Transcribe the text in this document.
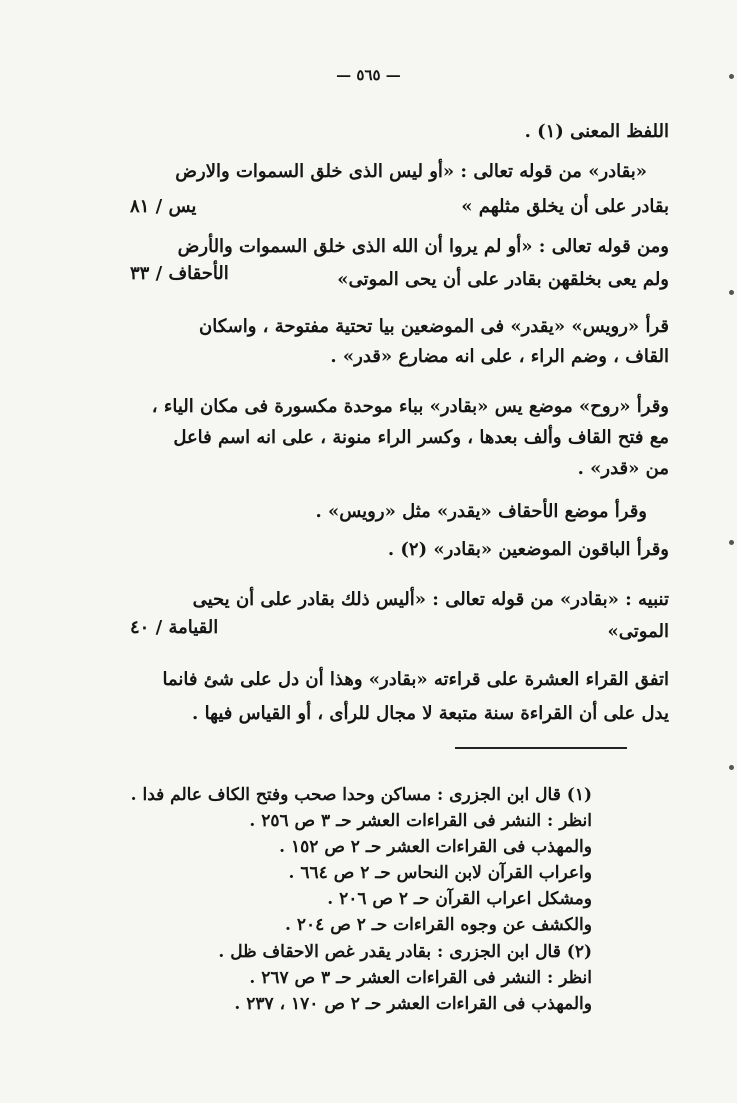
— ٥٦٥ —
اللفظ المعنى (١) .
«بقادر» من قوله تعالى : «أو ليس الذى خلق السموات والارض
بقادر على أن يخلق مثلهم »
يس / ٨١
ومن قوله تعالى : «أو لم يروا أن الله الذى خلق السموات والأرض
ولم يعى بخلقهن بقادر على أن يحى الموتى»
الأحقاف / ٣٣
قرأ «رويس» «يقدر» فى الموضعين بيا تحتية مفتوحة ، واسكان
القاف ، وضم الراء ، على انه مضارع «قدر» .
وقرأ «روح» موضع يس «بقادر» بباء موحدة مكسورة فى مكان الياء ،
مع فتح القاف وألف بعدها ، وكسر الراء منونة ، على انه اسم فاعل
من «قدر» .
وقرأ موضع الأحقاف «يقدر» مثل «رويس» .
وقرأ الباقون الموضعين «بقادر» (٢) .
تنبيه : «بقادر» من قوله تعالى : «أليس ذلك بقادر على أن يحيى
الموتى»
القيامة / ٤٠
اتفق القراء العشرة على قراءته «بقادر» وهذا أن دل على شئ فانما
يدل على أن القراءة سنة متبعة لا مجال للرأى ، أو القياس فيها .
(١) قال ابن الجزرى : مساكن وحدا صحب وفتح الكاف عالم فدا .
انظر : النشر فى القراءات العشر حـ ٣ ص ٢٥٦ .
والمهذب فى القراءات العشر حـ ٢ ص ١٥٢ .
واعراب القرآن لابن النحاس حـ ٢ ص ٦٦٤ .
ومشكل اعراب القرآن حـ ٢ ص ٢٠٦ .
والكشف عن وجوه القراءات حـ ٢ ص ٢٠٤ .
(٢) قال ابن الجزرى : بقادر يقدر غص الاحقاف ظل .
انظر : النشر فى القراءات العشر حـ ٣ ص ٢٦٧ .
والمهذب فى القراءات العشر حـ ٢ ص ١٧٠ ، ٢٣٧ .
